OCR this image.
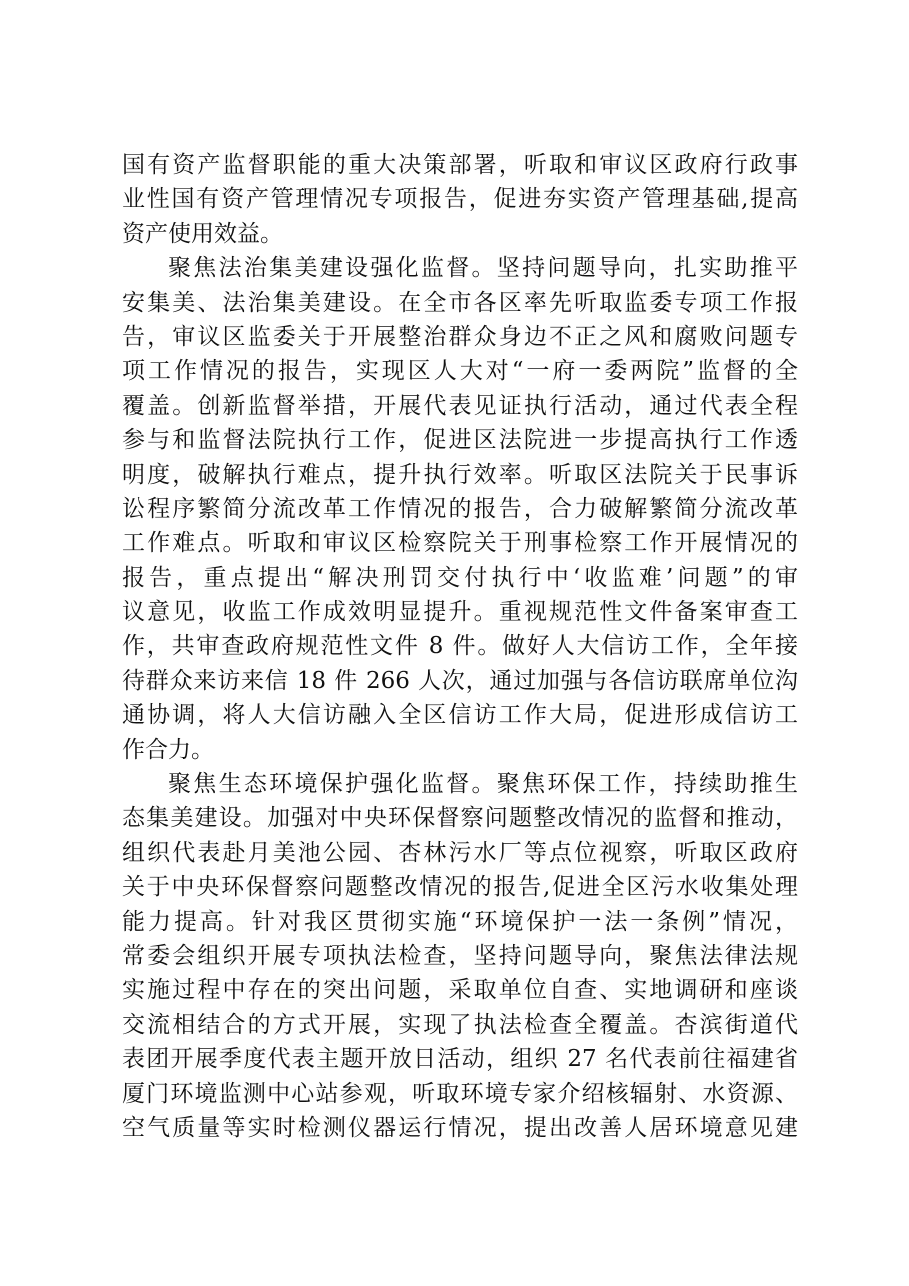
国有资产监督职能的重大决策部署，听取和审议区政府行政事
业性国有资产管理情况专项报告，促进夯实资产管理基础,提高
资产使用效益。
聚焦法治集美建设强化监督。坚持问题导向，扎实助推平
安集美、法治集美建设。在全市各区率先听取监委专项工作报
告，审议区监委关于开展整治群众身边不正之风和腐败问题专
项工作情况的报告，实现区人大对“一府一委两院”监督的全
覆盖。创新监督举措，开展代表见证执行活动，通过代表全程
参与和监督法院执行工作，促进区法院进一步提高执行工作透
明度，破解执行难点，提升执行效率。听取区法院关于民事诉
讼程序繁简分流改革工作情况的报告，合力破解繁简分流改革
工作难点。听取和审议区检察院关于刑事检察工作开展情况的
报告，重点提出“解决刑罚交付执行中‘收监难’问题”的审
议意见，收监工作成效明显提升。重视规范性文件备案审查工
作，共审查政府规范性文件 8 件。做好人大信访工作，全年接
待群众来访来信 18 件 266 人次，通过加强与各信访联席单位沟
通协调，将人大信访融入全区信访工作大局，促进形成信访工
作合力。
聚焦生态环境保护强化监督。聚焦环保工作，持续助推生
态集美建设。加强对中央环保督察问题整改情况的监督和推动，
组织代表赴月美池公园、杏林污水厂等点位视察，听取区政府
关于中央环保督察问题整改情况的报告,促进全区污水收集处理
能力提高。针对我区贯彻实施“环境保护一法一条例”情况，
常委会组织开展专项执法检查，坚持问题导向，聚焦法律法规
实施过程中存在的突出问题，采取单位自查、实地调研和座谈
交流相结合的方式开展，实现了执法检查全覆盖。杏滨街道代
表团开展季度代表主题开放日活动，组织 27 名代表前往福建省
厦门环境监测中心站参观，听取环境专家介绍核辐射、水资源、
空气质量等实时检测仪器运行情况，提出改善人居环境意见建
